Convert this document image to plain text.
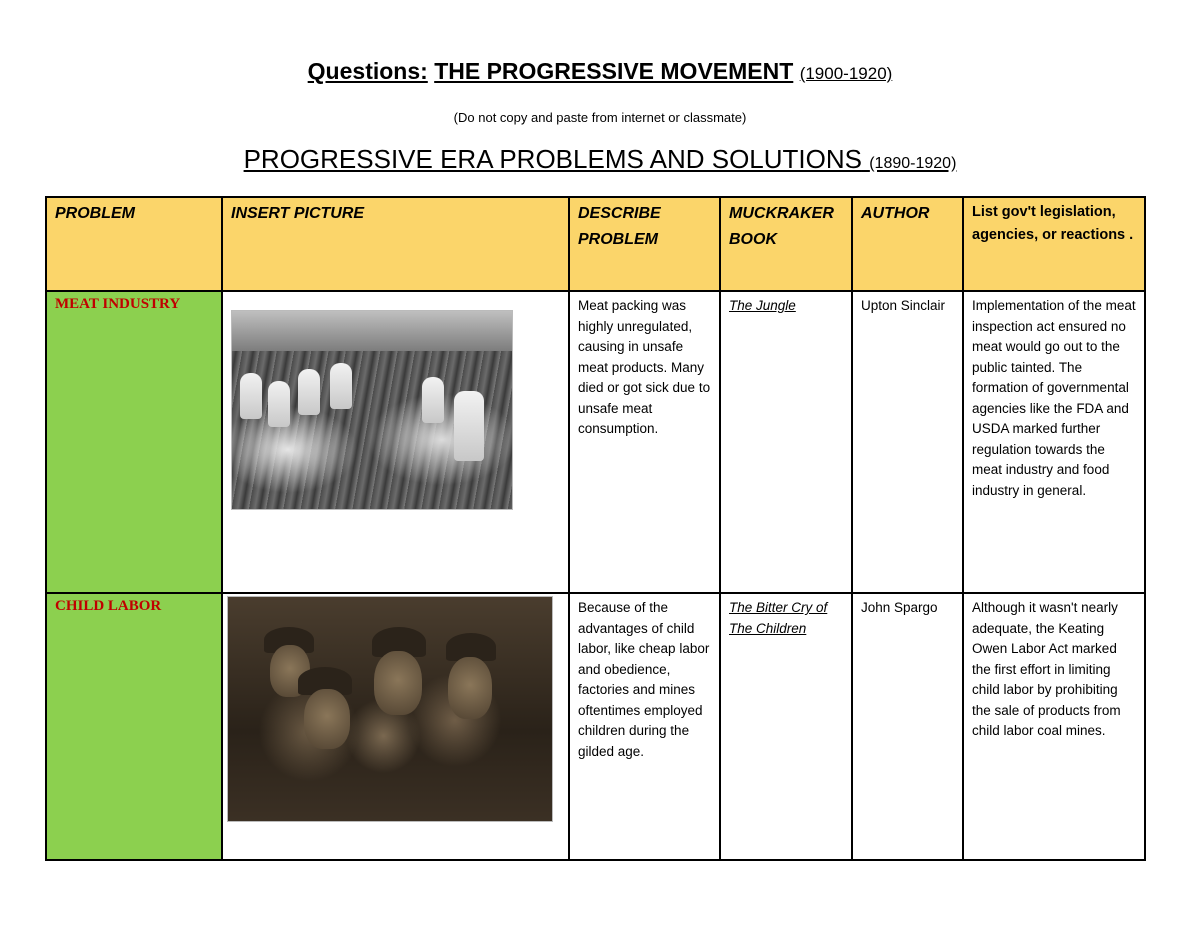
Questions: THE PROGRESSIVE MOVEMENT (1900-1920)
(Do not copy and paste from internet or classmate)
PROGRESSIVE ERA PROBLEMS AND SOLUTIONS (1890-1920)
PROBLEM	INSERT PICTURE	DESCRIBE PROBLEM	MUCKRAKER BOOK	AUTHOR	List gov't legislation, agencies, or reactions .
MEAT INDUSTRY		Meat packing was highly unregulated, causing in unsafe meat products. Many died or got sick due to unsafe meat consumption.	The Jungle	Upton Sinclair	Implementation of the meat inspection act ensured no meat would go out to the public tainted. The formation of governmental agencies like the FDA and USDA marked further regulation towards the meat industry and food industry in general.
CHILD LABOR		Because of the advantages of child labor, like cheap labor and obedience, factories and mines oftentimes employed children during the gilded age.	The Bitter Cry of The Children	John Spargo	Although it wasn't nearly adequate, the Keating Owen Labor Act marked the first effort in limiting child labor by prohibiting the sale of products from child labor coal mines.
